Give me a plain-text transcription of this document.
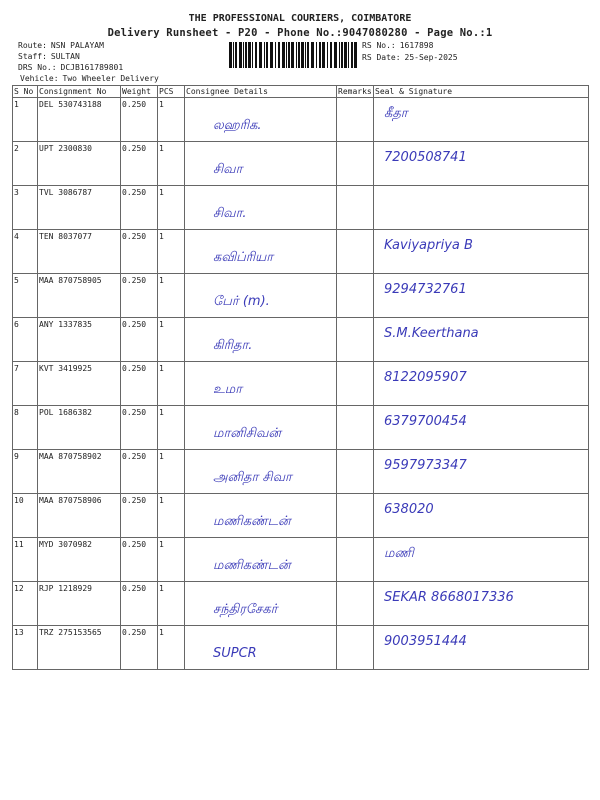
THE PROFESSIONAL COURIERS, COIMBATORE
Delivery Runsheet - P20 - Phone No.:9047080280 - Page No.:1
Route: NSN PALAYAM
Staff: SULTAN
DRS No.: DCJB161789801
Vehicle: Two Wheeler Delivery
RS No.: 1617898
RS Date: 25-Sep-2025
S No	Consignment No	Weight	PCS	Consignee Details	Remarks	Seal & Signature
1	DEL 530743188	0.250	1	லஹரிக.		கீதா

2	UPT 2300830	0.250	1	சிவா		7200508741

3	TVL 3086787	0.250	1	சிவா.		

4	TEN 8037077	0.250	1	கவிப்ரியா		Kaviyapriya B

5	MAA 870758905	0.250	1	பேர் (m).		9294732761

6	ANY 1337835	0.250	1	கிரிதா.		S.M.Keerthana

7	KVT 3419925	0.250	1	உமா		8122095907

8	POL 1686382	0.250	1	மானிசிவன்		6379700454

9	MAA 870758902	0.250	1	அனிதா சிவா		9597973347

10	MAA 870758906	0.250	1	மணிகண்டன்		638020

11	MYD 3070982	0.250	1	மணிகண்டன்		மணி

12	RJP 1218929	0.250	1	சந்திரசேகர்		SEKAR 8668017336

13	TRZ 275153565	0.250	1	SUPCR		9003951444
